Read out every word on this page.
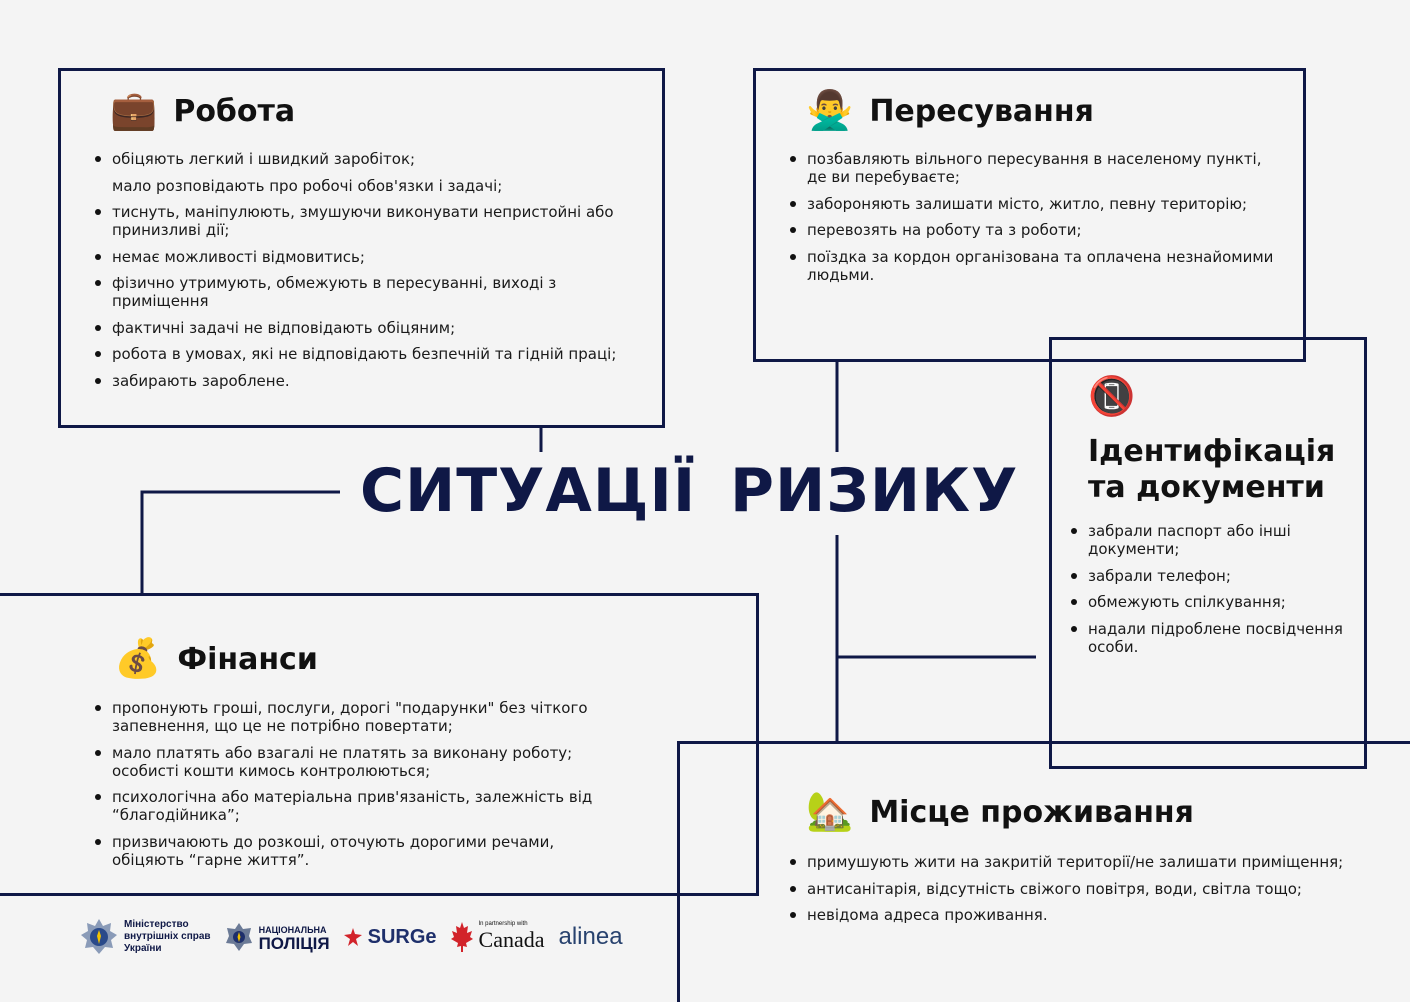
💼 Робота
обіцяють легкий і швидкий заробіток;
мало розповідають про робочі обов'язки і задачі;
тиснуть, маніпулюють, змушуючи виконувати непристойні або принизливі дії;
немає можливості відмовитись;
фізично утримують, обмежують в пересуванні, виході з приміщення
фактичні задачі не відповідають обіцяним;
робота в умовах, які не відповідають безпечній та гідній праці;
забирають зароблене.
🙅‍♂️ Пересування
позбавляють вільного пересування в населеному пункті, де ви перебуваєте;
забороняють залишати місто, житло, певну територію;
перевозять на роботу та з роботи;
поїздка за кордон організована та оплачена незнайомими людьми.
💰 Фінанси
пропонують гроші, послуги, дорогі "подарунки" без чіткого запевнення, що це не потрібно повертати;
мало платять або взагалі не платять за виконану роботу; особисті кошти кимось контролюються;
психологічна або матеріальна прив'язаність, залежність від “благодійника”;
призвичаюють до розкоші, оточують дорогими речами, обіцяють “гарне життя”.
🏡 Місце проживання
примушують жити на закритій території/не залишати приміщення;
антисанітарія, відсутність свіжого повітря, води, світла тощо;
невідома адреса проживання.
📵
Ідентифікація
та документи
забрали паспорт або інші документи;
забрали телефон;
обмежують спілкування;
надали підроблене посвідчення особи.
СИТУАЦІЇ РИЗИКУ
Міністерство
внутрішніх справ
України
НАЦІОНАЛЬНА
ПОЛІЦІЯ SURGe
In partnership with
Canada alinea
